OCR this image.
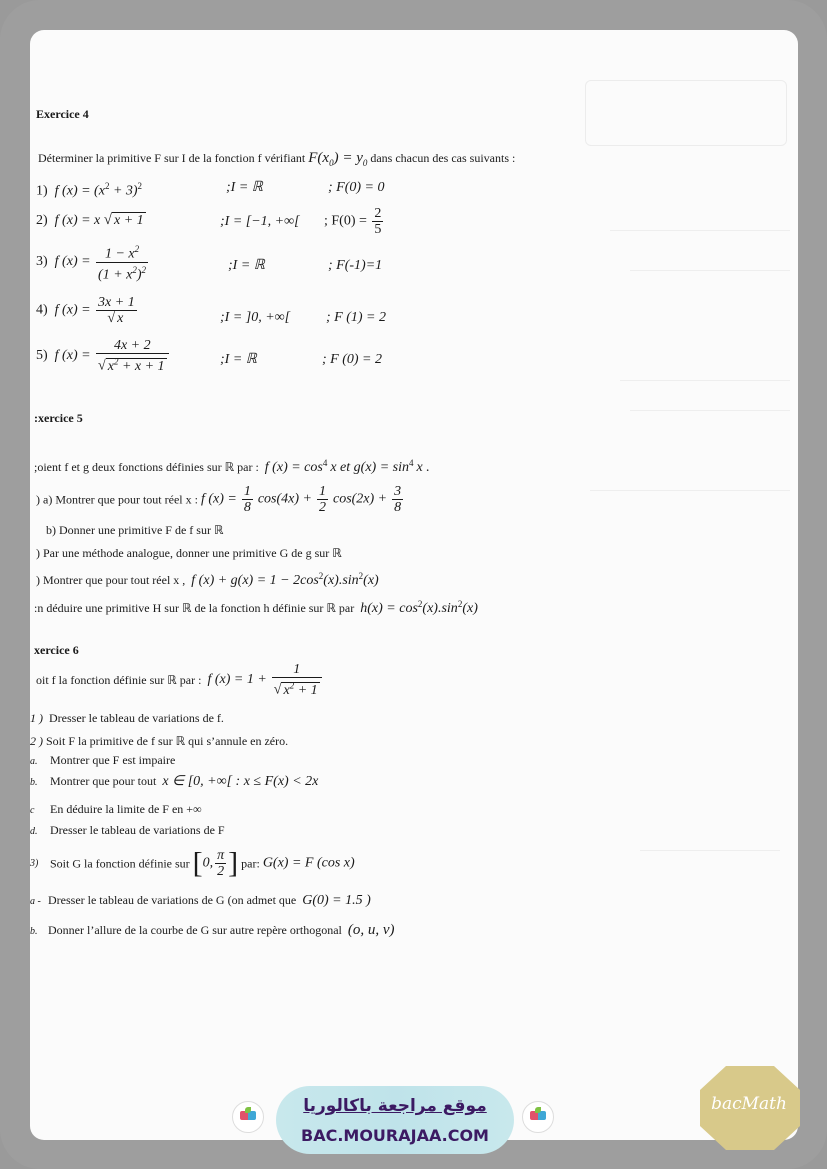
Exercice 4
Déterminer la primitive F sur I de la fonction f vérifiant $F(x_0) = y_0$ dans chacun des cas suivants :
1) f $(x) = (x^2 + 3)^2$	;I = ℝ	; F(0) = 0
2) f (x) = x √ x + 1	;I = [−1, +∞[ ; $F(0) = \frac{2}{5}$
3) f $(x) = \frac{1 - x^2}{(1 + x^2)^2}$	;I = ℝ	; F(-1)=1
4) f $(x) = \frac{3x + 1}{√ x}$	;I = ]0, +∞[	; F (1) = 2
5) f $(x) = \frac{4x + 2}{√ x^2 + x + 1}$	;I = ℝ	; F (0) = 2
:xercice 5
;oient f et g deux fonctions définies sur ℝ par : f $(x) = \cos^4 x$ et $g(x) = \sin^4 x$ .
) a) Montrer que pour tout réel x : f $(x) = \frac{1}{8} \cos(4x) + \frac{1}{2} \cos(2x) + \frac{3}{8}$
b) Donner une primitive F de f sur ℝ
) Par une méthode analogue, donner une primitive G de g sur ℝ
) Montrer que pour tout réel x , f $(x) + g(x) = 1 - 2\cos^2(x).\sin^2(x)$
:n déduire une primitive H sur ℝ de la fonction h définie sur ℝ par $h(x) = \cos^2(x).\sin^2(x)$
xercice 6
oit f la fonction définie sur ℝ par : f $(x) = 1 + \frac{1}{√ x^2 + 1}$
1 ) Dresser le tableau de variations de f.
2 ) Soit F la primitive de f sur ℝ qui s’annule en zéro.
a. Montrer que F est impaire
b. Montrer que pour tout x ∈ [0, +∞[ : x ≤ F(x) < 2x
c En déduire la limite de F en +∞
d. Dresser le tableau de variations de F
3) Soit G la fonction définie sur [0, $\frac{\pi}{2}$ ] par: G(x) = F (cos x)
a - Dresser le tableau de variations de G (on admet que G(0) = 1.5 )
b. Donner l’allure de la courbe de G sur autre repère orthogonal (o, u, v)
موقع مراجعة باكالوريا
BAC.MOURAJAA.COM
bacMath
